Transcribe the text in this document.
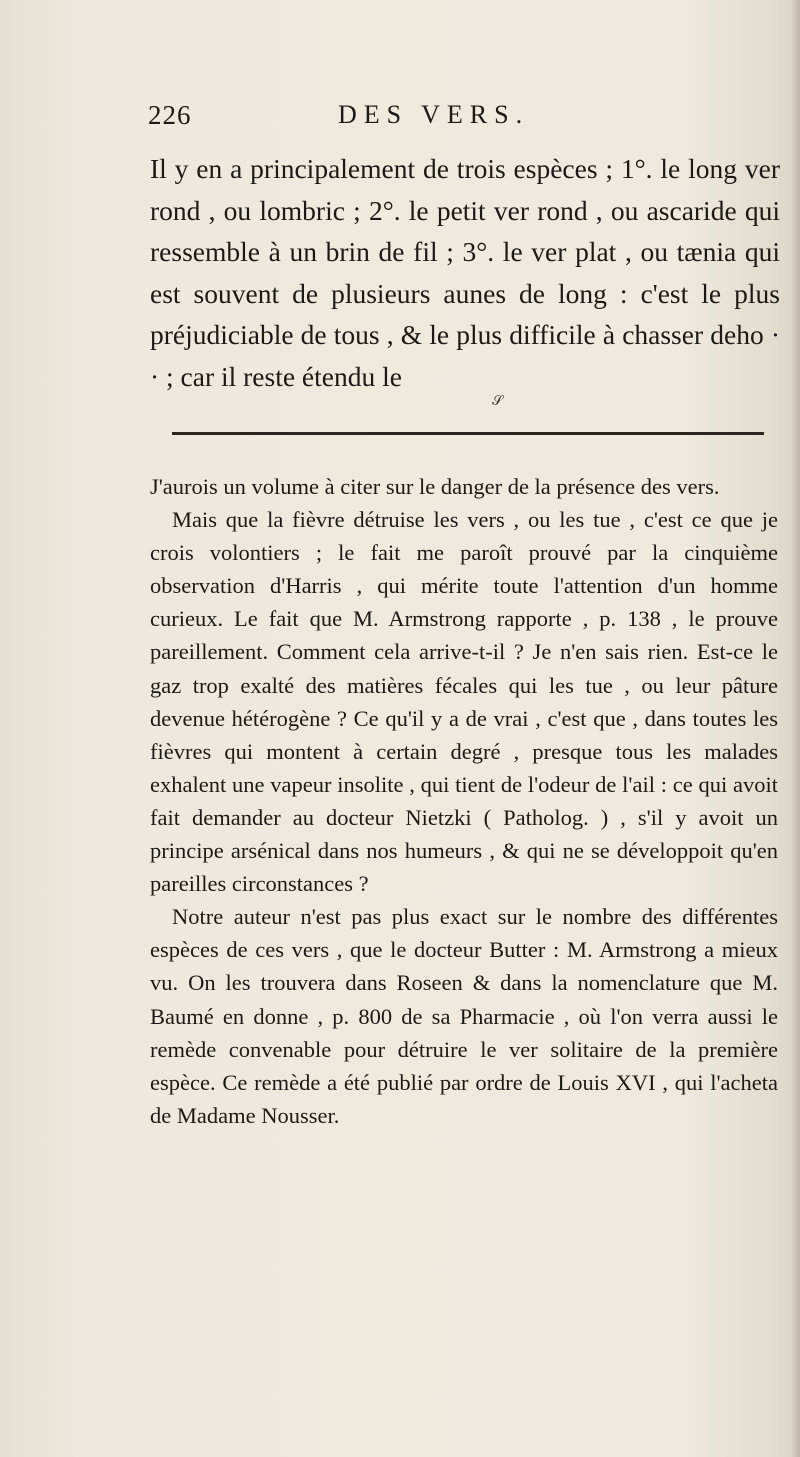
226	DES VERS.

Il y en a principalement de trois espèces ; 1°. le long ver rond , ou lombric ; 2°. le petit ver rond , ou ascaride qui ressemble à un brin de fil ; 3°. le ver plat , ou tænia qui est souvent de plusieurs aunes de long : c'est le plus préjudiciable de tous , & le plus difficile à chasser deho · · ; car il reste étendu le

𝒮

J'aurois un volume à citer sur le danger de la présence des vers.

Mais que la fièvre détruise les vers , ou les tue , c'est ce que je crois volontiers ; le fait me paroît prouvé par la cinquième observation d'Harris , qui mérite toute l'attention d'un homme curieux. Le fait que M. Armstrong rapporte , p. 138 , le prouve pareillement. Comment cela arrive-t-il ? Je n'en sais rien. Est-ce le gaz trop exalté des matières fécales qui les tue , ou leur pâture devenue hétérogène ? Ce qu'il y a de vrai , c'est que , dans toutes les fièvres qui montent à certain degré , presque tous les malades exhalent une vapeur insolite , qui tient de l'odeur de l'ail : ce qui avoit fait demander au docteur Nietzki ( Patholog. ) , s'il y avoit un principe arsénical dans nos humeurs , & qui ne se développoit qu'en pareilles circonstances ?

Notre auteur n'est pas plus exact sur le nombre des différentes espèces de ces vers , que le docteur Butter : M. Armstrong a mieux vu. On les trouvera dans Roseen & dans la nomenclature que M. Baumé en donne , p. 800 de sa Pharmacie , où l'on verra aussi le remède convenable pour détruire le ver solitaire de la première espèce. Ce remède a été publié par ordre de Louis XVI , qui l'acheta de Madame Nousser.
